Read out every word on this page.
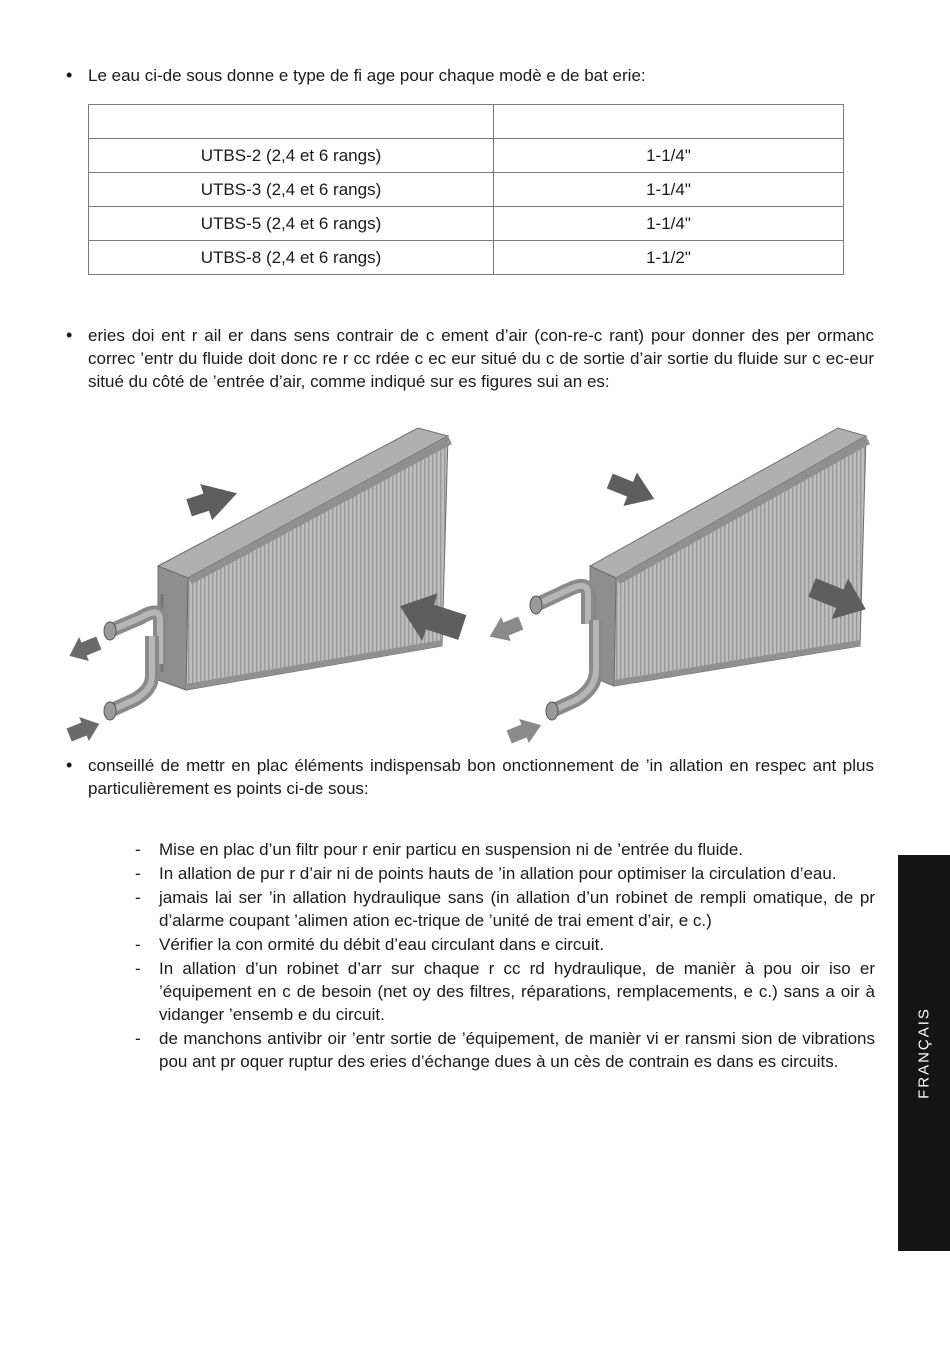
• Le eau ci-de sous donne e type de fi age pour chaque modè e de bat erie:

UTBS-2 (2,4 et 6 rangs)	1-1/4"
UTBS-3 (2,4 et 6 rangs)	1-1/4"
UTBS-5 (2,4 et 6 rangs)	1-1/4"
UTBS-8 (2,4 et 6 rangs)	1-1/2"
• eries doi ent r ail er dans sens contrair de c ement d’air (con-re-c rant) pour donner des per ormanc correc ’entr du fluide doit donc re r cc rdée c ec eur situé du c de sortie d’air sortie du fluide sur c ec-eur situé du côté de ’entrée d’air, comme indiqué sur es figures sui an es:
• conseillé de mettr en plac éléments indispensab bon onctionnement de ’in allation en respec ant plus particulièrement es points ci-de sous:
- Mise en plac d’un filtr pour r enir particu en suspension ni de ’entrée du fluide.
- In allation de pur r d’air ni de points hauts de ’in allation pour optimiser la circulation d’eau.
- jamais lai ser ’in allation hydraulique sans (in allation d’un robinet de rempli omatique, de pr d’alarme coupant ’alimen ation ec-trique de ’unité de trai ement d’air, e c.)
- Vérifier la con ormité du débit d’eau circulant dans e circuit.
- In allation d’un robinet d’arr sur chaque r cc rd hydraulique, de manièr à pou oir iso er ’équipement en c de besoin (net oy des filtres, réparations, remplacements, e c.) sans a oir à vidanger ’ensemb e du circuit.
- de manchons antivibr oir ’entr sortie de ’équipement, de manièr vi er ransmi sion de vibrations pou ant pr oquer ruptur des eries d’échange dues à un cès de contrain es dans es circuits.	FRANÇAIS
